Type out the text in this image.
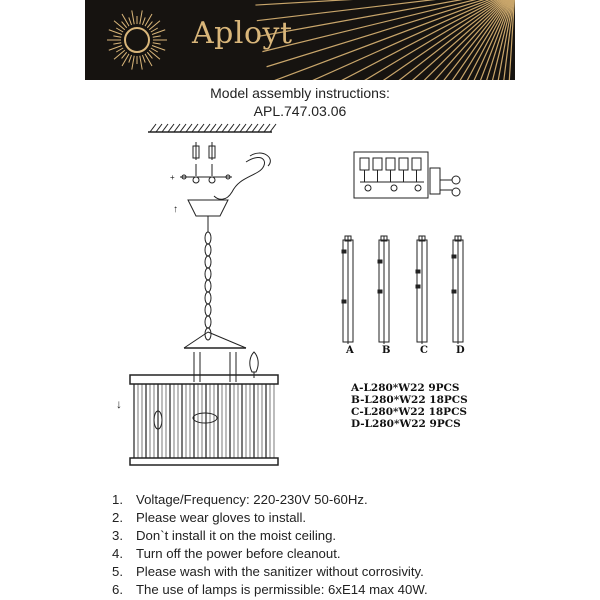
Aployt
Model assembly instructions:
APL.747.03.06
+
↑
↓
A	B	C	D
A-L280*W22 9PCS
B-L280*W22 18PCS
C-L280*W22 18PCS
D-L280*W22 9PCS
1. Voltage/Frequency: 220-230V 50-60Hz.
2. Please wear gloves to install.
3. Don`t install it on the moist ceiling.
4. Turn off the power before cleanout.
5. Please wash with the sanitizer without corrosivity.
6. The use of lamps is permissible: 6xE14 max 40W.
